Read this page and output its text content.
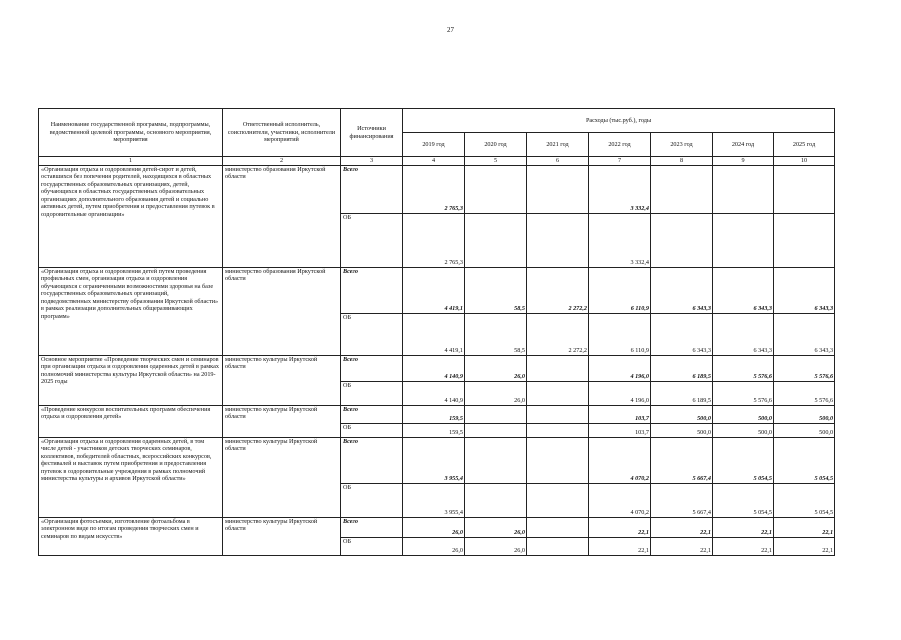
27
Наименование государственной программы, подпрограммы, ведомственной целевой программы, основного мероприятия, мероприятия	Ответственный исполнитель, соисполнители, участники, исполнители мероприятий	Источники финансирования	Расходы (тыс.руб.), годы						
			2019 год	2020 год	2021 год	2022 год	2023 год	2024 год	2025 год
1	2	3	4	5	6	7	8	9	10
«Организация отдыха и оздоровления детей-сирот и детей, оставшихся без попечения родителей, находящихся в областных государственных образовательных организациях, детей, обучающихся в областных государственных образовательных организациях дополнительного образования детей и социально активных детей, путем приобретения и предоставления путевок в оздоровительные организации»	министерство образования Иркутской области	Всего	2 765,3			3 332,4			
		ОБ	2 765,3			3 332,4			
«Организация отдыха и оздоровления детей путем проведения профильных смен, организация отдыха и оздоровления обучающихся с ограниченными возможностями здоровья на базе государственных образовательных организаций, подведомственных министерству образования Иркутской области» в рамках реализации дополнительных общеразвивающих программ»	министерство образования Иркутской области	Всего	4 419,1	58,5	2 272,2	6 110,9	6 343,3	6 343,3	6 343,3
		ОБ	4 419,1	58,5	2 272,2	6 110,9	6 343,3	6 343,3	6 343,3
Основное мероприятие «Проведение творческих смен и семинаров при организации отдыха и оздоровления одаренных детей в рамках полномочий министерства культуры Иркутской области» на 2019-2025 годы	министерство культуры Иркутской области	Всего	4 140,9	26,0		4 196,0	6 189,5	5 576,6	5 576,6
		ОБ	4 140,9	26,0		4 196,0	6 189,5	5 576,6	5 576,6
«Проведение конкурсов воспитательных программ обеспечения отдыха и оздоровления детей»	министерство культуры Иркутской области	Всего	159,5			103,7	500,0	500,0	500,0
		ОБ	159,5			103,7	500,0	500,0	500,0
«Организация отдыха и оздоровления одаренных детей, в том числе детей - участников детских творческих семинаров, коллективов, победителей областных, всероссийских конкурсов, фестивалей и выставок путем приобретения и предоставления путевок в оздоровительные учреждения в рамках полномочий министерства культуры и архивов Иркутской области»	министерство культуры Иркутской области	Всего	3 955,4			4 070,2	5 667,4	5 054,5	5 054,5
		ОБ	3 955,4			4 070,2	5 667,4	5 054,5	5 054,5
«Организация фотосъемки, изготовление фотоальбома в электронном виде по итогам проведения творческих смен и семинаров по видам искусств»	министерство культуры Иркутской области	Всего	26,0	26,0		22,1	22,1	22,1	22,1
		ОБ	26,0	26,0		22,1	22,1	22,1	22,1
